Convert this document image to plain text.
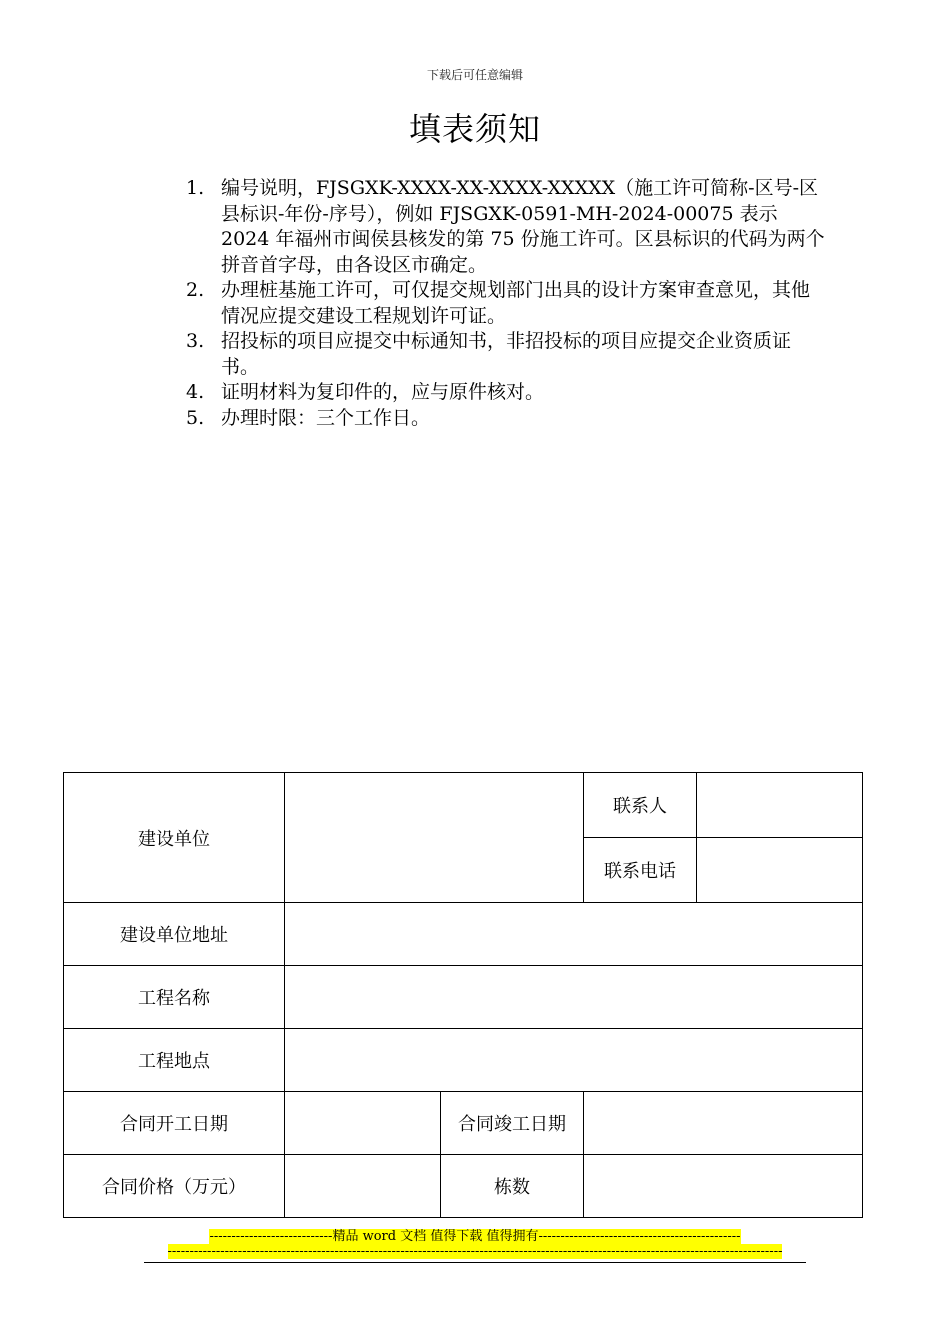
下载后可任意编辑
填表须知
1. 编号说明，FJSGXK-XXXX-XX-XXXX-XXXXX（施工许可简称-区号-区县标识-年份-序号），例如 FJSGXK-0591-MH-2024-00075 表示 2024 年福州市闽侯县核发的第 75 份施工许可。区县标识的代码为两个拼音首字母，由各设区市确定。
2. 办理桩基施工许可，可仅提交规划部门出具的设计方案审查意见，其他情况应提交建设工程规划许可证。
3. 招投标的项目应提交中标通知书，非招投标的项目应提交企业资质证书。
4. 证明材料为复印件的，应与原件核对。
5. 办理时限：三个工作日。
建设单位			联系人	
			联系电话	
建设单位地址				
工程名称				
工程地点				
合同开工日期		合同竣工日期		
合同价格（万元）		栋数		
----------------------------精品 word 文档 值得下载 值得拥有----------------------------------------------
--------------------------------------------------------------------------------------------------------------------------------------------
